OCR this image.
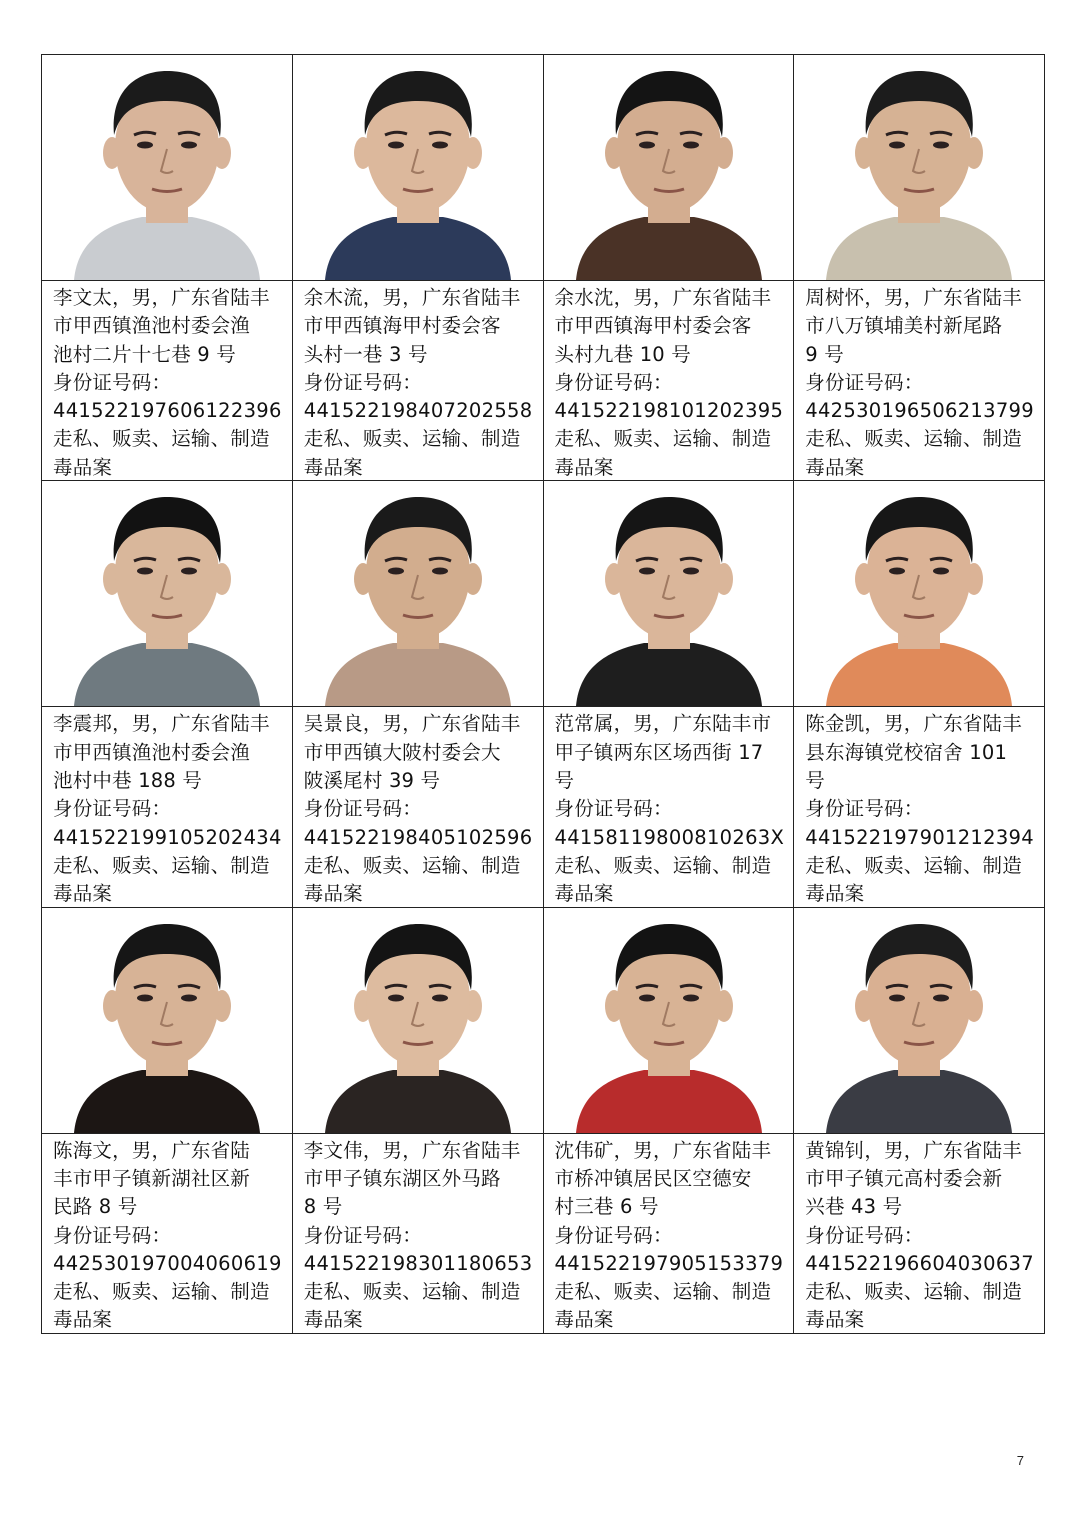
李文太，男，广东省陆丰
市甲西镇渔池村委会渔
池村二片十七巷 9 号
身份证号码：
441522197606122396
走私、贩卖、运输、制造
毒品案
余木流，男，广东省陆丰
市甲西镇海甲村委会客
头村一巷 3 号
身份证号码：
441522198407202558
走私、贩卖、运输、制造
毒品案
余水沈，男，广东省陆丰
市甲西镇海甲村委会客
头村九巷 10 号
身份证号码：
441522198101202395
走私、贩卖、运输、制造
毒品案
周树怀，男，广东省陆丰
市八万镇埔美村新尾路
9 号
身份证号码：
442530196506213799
走私、贩卖、运输、制造
毒品案
李震邦，男，广东省陆丰
市甲西镇渔池村委会渔
池村中巷 188 号
身份证号码：
441522199105202434
走私、贩卖、运输、制造
毒品案
吴景良，男，广东省陆丰
市甲西镇大陂村委会大
陂溪尾村 39 号
身份证号码：
441522198405102596
走私、贩卖、运输、制造
毒品案
范常属，男，广东陆丰市
甲子镇两东区场西街 17
号
身份证号码：
44158119800810263X
走私、贩卖、运输、制造
毒品案
陈金凯，男，广东省陆丰
县东海镇党校宿舍 101
号
身份证号码：
441522197901212394
走私、贩卖、运输、制造
毒品案
陈海文，男，广东省陆
丰市甲子镇新湖社区新
民路 8 号
身份证号码：
442530197004060619
走私、贩卖、运输、制造
毒品案
李文伟，男，广东省陆丰
市甲子镇东湖区外马路
8 号
身份证号码：
441522198301180653
走私、贩卖、运输、制造
毒品案
沈伟矿，男，广东省陆丰
市桥冲镇居民区空德安
村三巷 6 号
身份证号码：
441522197905153379
走私、贩卖、运输、制造
毒品案
黄锦钊，男，广东省陆丰
市甲子镇元高村委会新
兴巷 43 号
身份证号码：
441522196604030637
走私、贩卖、运输、制造
毒品案
7
